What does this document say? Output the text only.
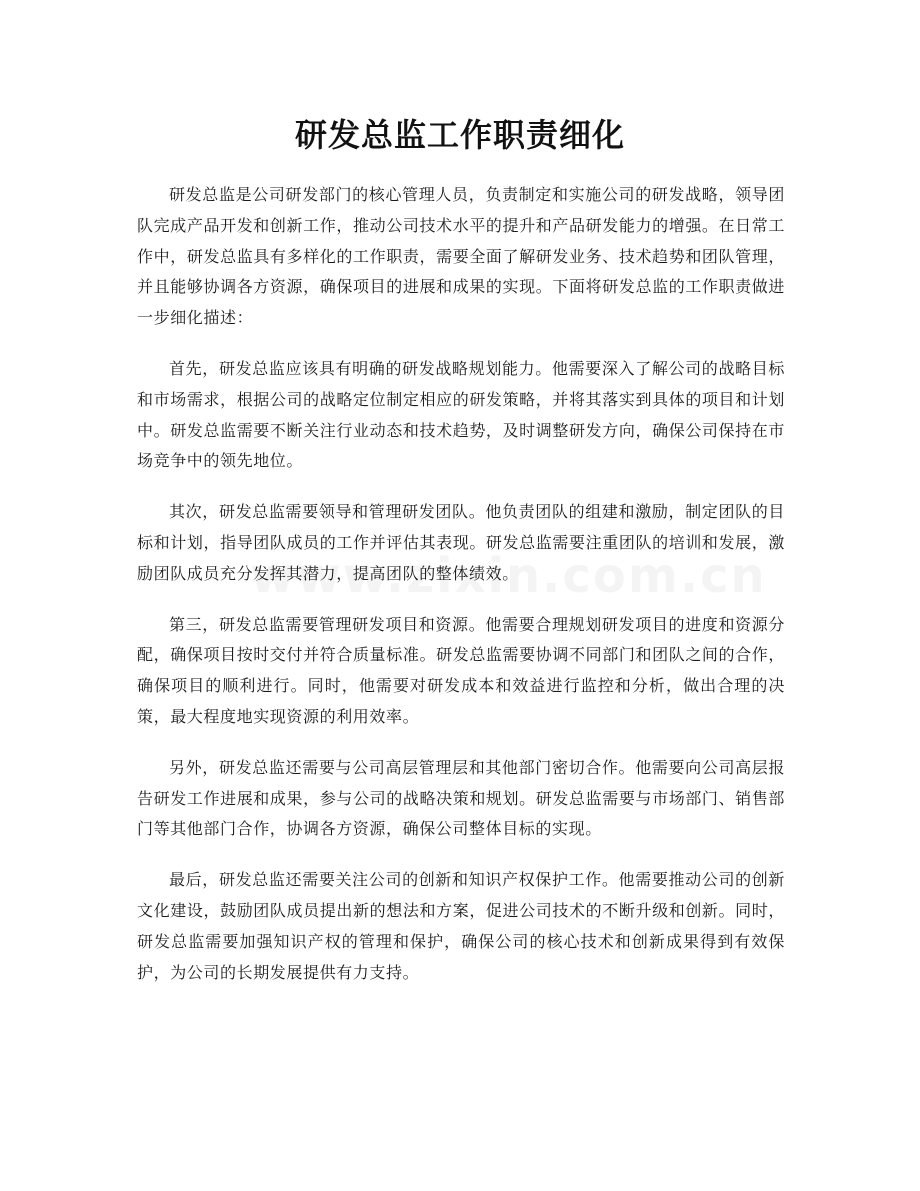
研发总监工作职责细化

研发总监是公司研发部门的核心管理人员，负责制定和实施公司的研发战略，领导团队完成产品开发和创新工作，推动公司技术水平的提升和产品研发能力的增强。在日常工作中，研发总监具有多样化的工作职责，需要全面了解研发业务、技术趋势和团队管理，并且能够协调各方资源，确保项目的进展和成果的实现。下面将研发总监的工作职责做进一步细化描述：

首先，研发总监应该具有明确的研发战略规划能力。他需要深入了解公司的战略目标和市场需求，根据公司的战略定位制定相应的研发策略，并将其落实到具体的项目和计划中。研发总监需要不断关注行业动态和技术趋势，及时调整研发方向，确保公司保持在市场竞争中的领先地位。

其次，研发总监需要领导和管理研发团队。他负责团队的组建和激励，制定团队的目标和计划，指导团队成员的工作并评估其表现。研发总监需要注重团队的培训和发展，激励团队成员充分发挥其潜力，提高团队的整体绩效。

第三，研发总监需要管理研发项目和资源。他需要合理规划研发项目的进度和资源分配，确保项目按时交付并符合质量标准。研发总监需要协调不同部门和团队之间的合作，确保项目的顺利进行。同时，他需要对研发成本和效益进行监控和分析，做出合理的决策，最大程度地实现资源的利用效率。

另外，研发总监还需要与公司高层管理层和其他部门密切合作。他需要向公司高层报告研发工作进展和成果，参与公司的战略决策和规划。研发总监需要与市场部门、销售部门等其他部门合作，协调各方资源，确保公司整体目标的实现。

最后，研发总监还需要关注公司的创新和知识产权保护工作。他需要推动公司的创新文化建设，鼓励团队成员提出新的想法和方案，促进公司技术的不断升级和创新。同时，研发总监需要加强知识产权的管理和保护，确保公司的核心技术和创新成果得到有效保护，为公司的长期发展提供有力支持。
